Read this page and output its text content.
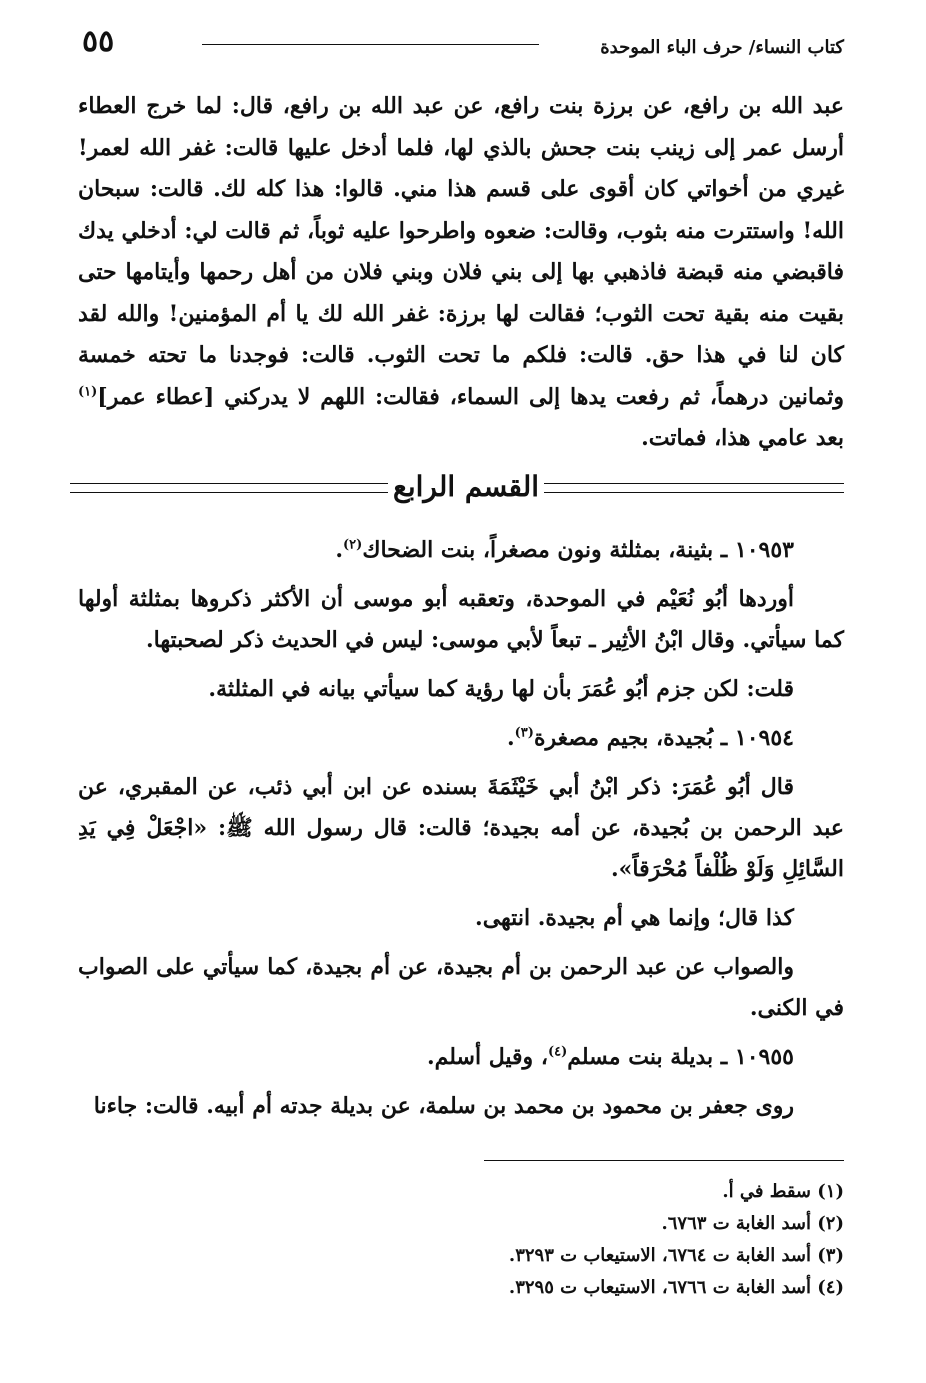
٥٥	كتاب النساء/ حرف الباء الموحدة

عبد الله بن رافع، عن برزة بنت رافع، عن عبد الله بن رافع، قال: لما خرج العطاء أرسل عمر إلى زينب بنت جحش بالذي لها، فلما أدخل عليها قالت: غفر الله لعمر! غيري من أخواتي كان أقوى على قسم هذا مني. قالوا: هذا كله لك. قالت: سبحان الله! واستترت منه بثوب، وقالت: ضعوه واطرحوا عليه ثوباً، ثم قالت لي: أدخلي يدك فاقبضي منه قبضة فاذهبي بها إلى بني فلان وبني فلان من أهل رحمها وأيتامها حتى بقيت منه بقية تحت الثوب؛ فقالت لها برزة: غفر الله لك يا أم المؤمنين! والله لقد كان لنا في هذا حق. قالت: فلكم ما تحت الثوب. قالت: فوجدنا ما تحته خمسة وثمانين درهماً، ثم رفعت يدها إلى السماء، فقالت: اللهم لا يدركني [عطاء عمر]$^{(١)}$ بعد عامي هذا، فماتت.

القسم الرابع
١٠٩٥٣ ـ بثينة، بمثلثة ونون مصغراً، بنت الضحاك$^{(٢)}$.

أوردها أبُو نُعَيْم في الموحدة، وتعقبه أبو موسى أن الأكثر ذكروها بمثلثة أولها كما سيأتي. وقال ابْنُ الأثِير ـ تبعاً لأبي موسى: ليس في الحديث ذكر لصحبتها.

قلت: لكن جزم أبُو عُمَرَ بأن لها رؤية كما سيأتي بيانه في المثلثة.

١٠٩٥٤ ـ بُجيدة، بجيم مصغرة$^{(٣)}$.

قال أبُو عُمَرَ: ذكر ابْنُ أبي خَيْثَمَةَ بسنده عن ابن أبي ذئب، عن المقبري، عن عبد الرحمن بن بُجيدة، عن أمه بجيدة؛ قالت: قال رسول الله ﷺ: «اجْعَلْ فِي يَدِ السَّائِلِ وَلَوْ ظُلْفاً مُحْرَقاً».

كذا قال؛ وإنما هي أم بجيدة. انتهى.

والصواب عن عبد الرحمن بن أم بجيدة، عن أم بجيدة، كما سيأتي على الصواب في الكنى.

١٠٩٥٥ ـ بديلة بنت مسلم$^{(٤)}$، وقيل أسلم.

روى جعفر بن محمود بن محمد بن سلمة، عن بديلة جدته أم أبيه. قالت: جاءنا

(١) سقط في أ.

(٢) أسد الغابة ت ٦٧٦٣.

(٣) أسد الغابة ت ٦٧٦٤، الاستيعاب ت ٣٢٩٣.

(٤) أسد الغابة ت ٦٧٦٦، الاستيعاب ت ٣٢٩٥.
